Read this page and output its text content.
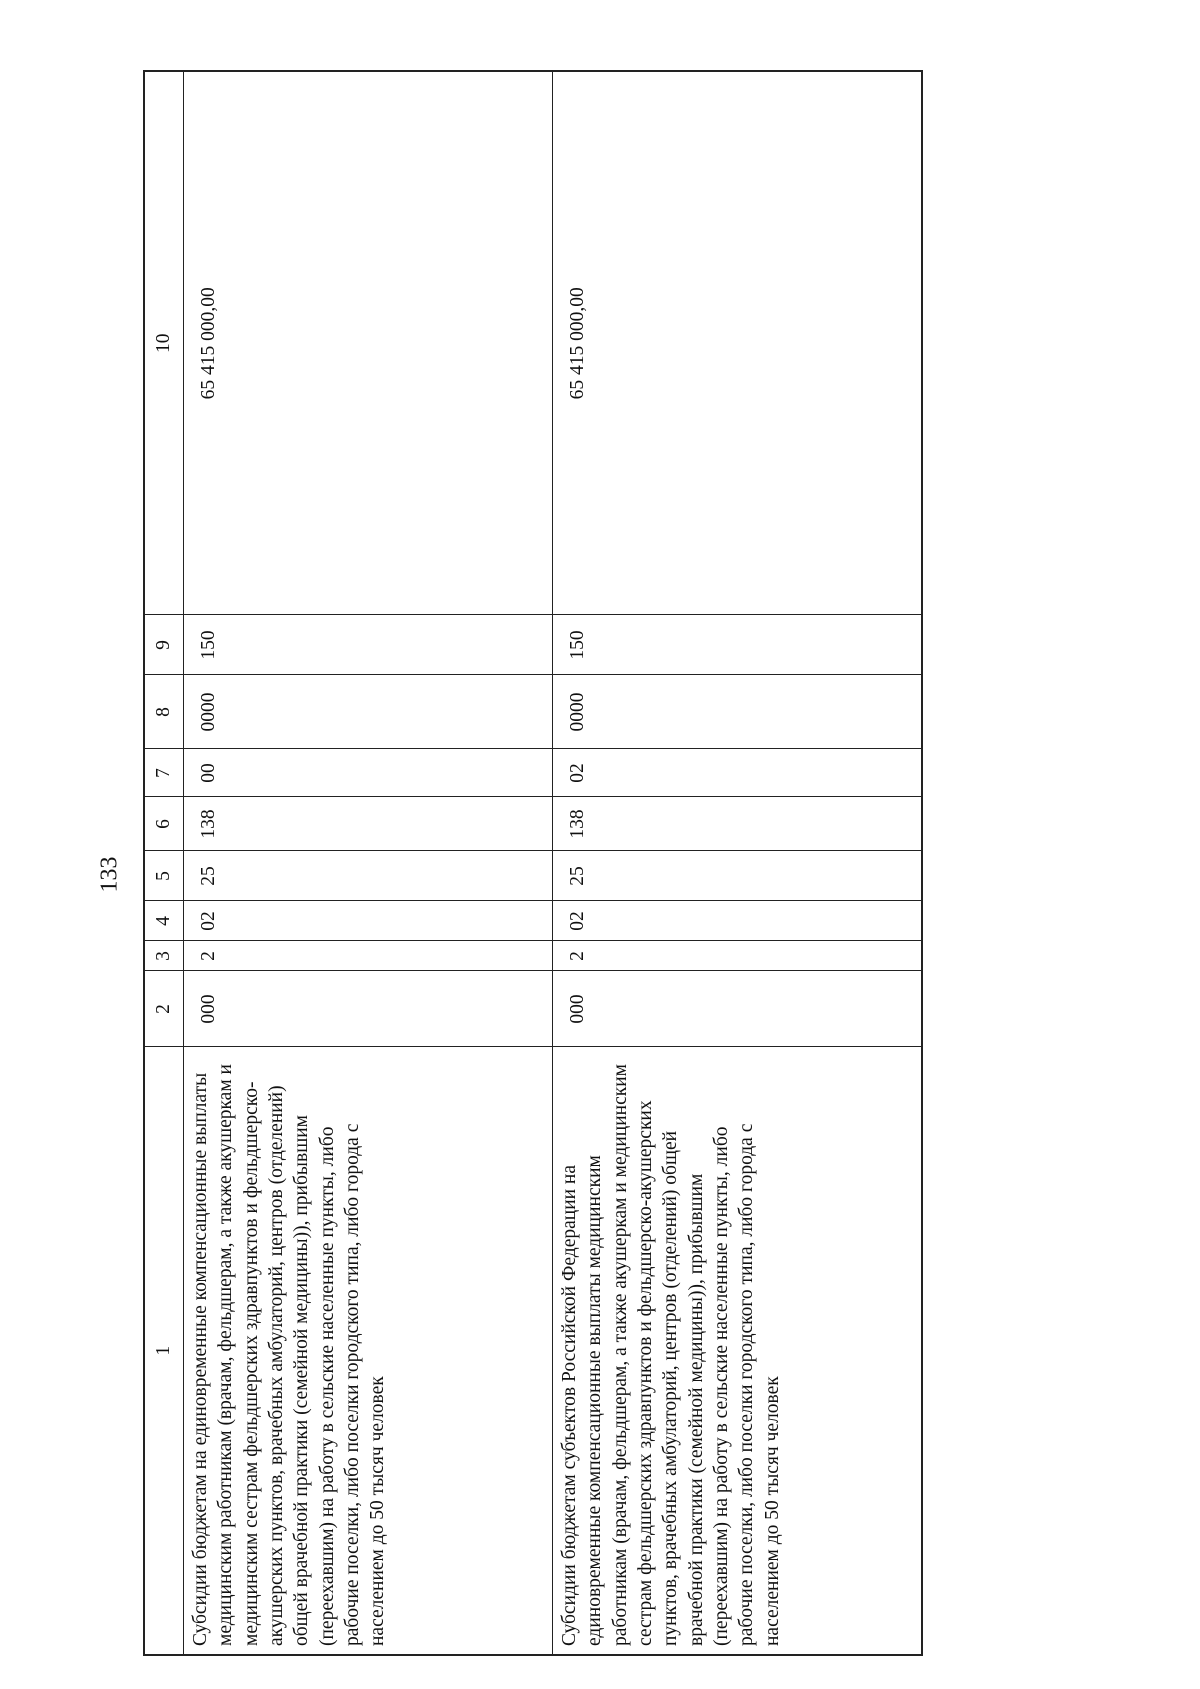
133
1	2	3	4	5	6	7	8	9	10
Субсидии бюджетам на единовременные компенсационные выплаты медицинским работникам (врачам, фельдшерам, а также акушеркам и медицинским сестрам фельдшерских здравпунктов и фельдшерско-акушерских пунктов, врачебных амбулаторий, центров (отделений) общей врачебной практики (семейной медицины)), прибывшим (переехавшим) на работу в сельские населенные пункты, либо рабочие поселки, либо поселки городского типа, либо города с населением до 50 тысяч человек	000	2	02	25	138	00	0000	150	65 415 000,00
Субсидии бюджетам субъектов Российской Федерации на единовременные компенсационные выплаты медицинским работникам (врачам, фельдшерам, а также акушеркам и медицинским сестрам фельдшерских здравпунктов и фельдшерско-акушерских пунктов, врачебных амбулаторий, центров (отделений) общей врачебной практики (семейной медицины)), прибывшим (переехавшим) на работу в сельские населенные пункты, либо рабочие поселки, либо поселки городского типа, либо города с населением до 50 тысяч человек	000	2	02	25	138	02	0000	150	65 415 000,00
